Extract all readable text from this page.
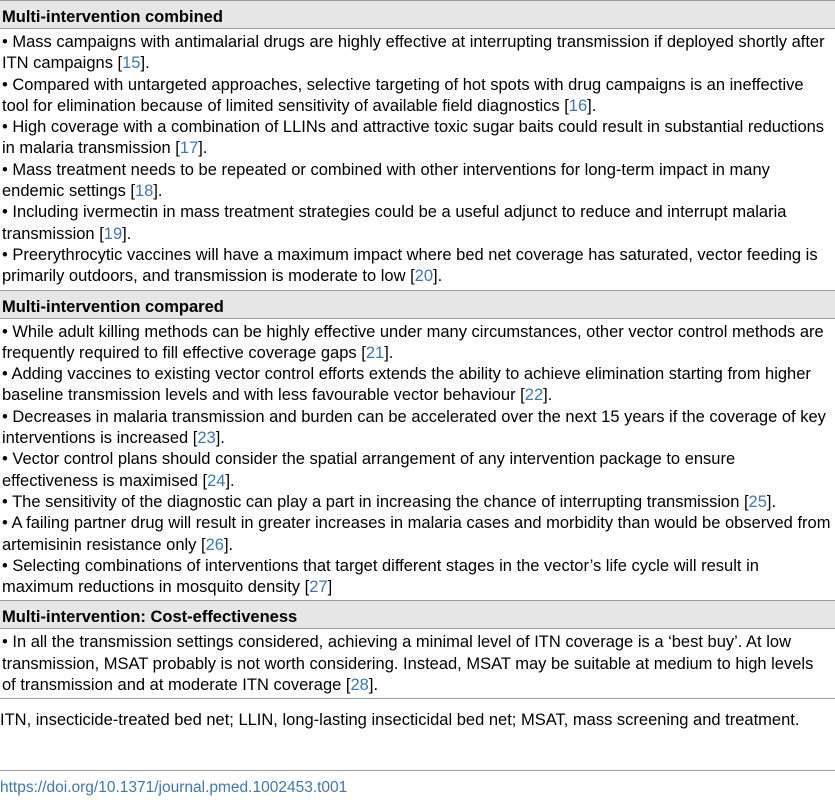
Multi-intervention combined

• Mass campaigns with antimalarial drugs are highly effective at interrupting transmission if deployed shortly after ITN campaigns [15].

• Compared with untargeted approaches, selective targeting of hot spots with drug campaigns is an ineffective tool for elimination because of limited sensitivity of available field diagnostics [16].

• High coverage with a combination of LLINs and attractive toxic sugar baits could result in substantial reductions in malaria transmission [17].

• Mass treatment needs to be repeated or combined with other interventions for long-term impact in many endemic settings [18].

• Including ivermectin in mass treatment strategies could be a useful adjunct to reduce and interrupt malaria transmission [19].

• Preerythrocytic vaccines will have a maximum impact where bed net coverage has saturated, vector feeding is primarily outdoors, and transmission is moderate to low [20].

Multi-intervention compared

• While adult killing methods can be highly effective under many circumstances, other vector control methods are frequently required to fill effective coverage gaps [21].

• Adding vaccines to existing vector control efforts extends the ability to achieve elimination starting from higher baseline transmission levels and with less favourable vector behaviour [22].

• Decreases in malaria transmission and burden can be accelerated over the next 15 years if the coverage of key interventions is increased [23].

• Vector control plans should consider the spatial arrangement of any intervention package to ensure effectiveness is maximised [24].

• The sensitivity of the diagnostic can play a part in increasing the chance of interrupting transmission [25].

• A failing partner drug will result in greater increases in malaria cases and morbidity than would be observed from artemisinin resistance only [26].

• Selecting combinations of interventions that target different stages in the vector’s life cycle will result in maximum reductions in mosquito density [27]

Multi-intervention: Cost-effectiveness

• In all the transmission settings considered, achieving a minimal level of ITN coverage is a ‘best buy’. At low transmission, MSAT probably is not worth considering. Instead, MSAT may be suitable at medium to high levels of transmission and at moderate ITN coverage [28].

ITN, insecticide-treated bed net; LLIN, long-lasting insecticidal bed net; MSAT, mass screening and treatment.
https://doi.org/10.1371/journal.pmed.1002453.t001
